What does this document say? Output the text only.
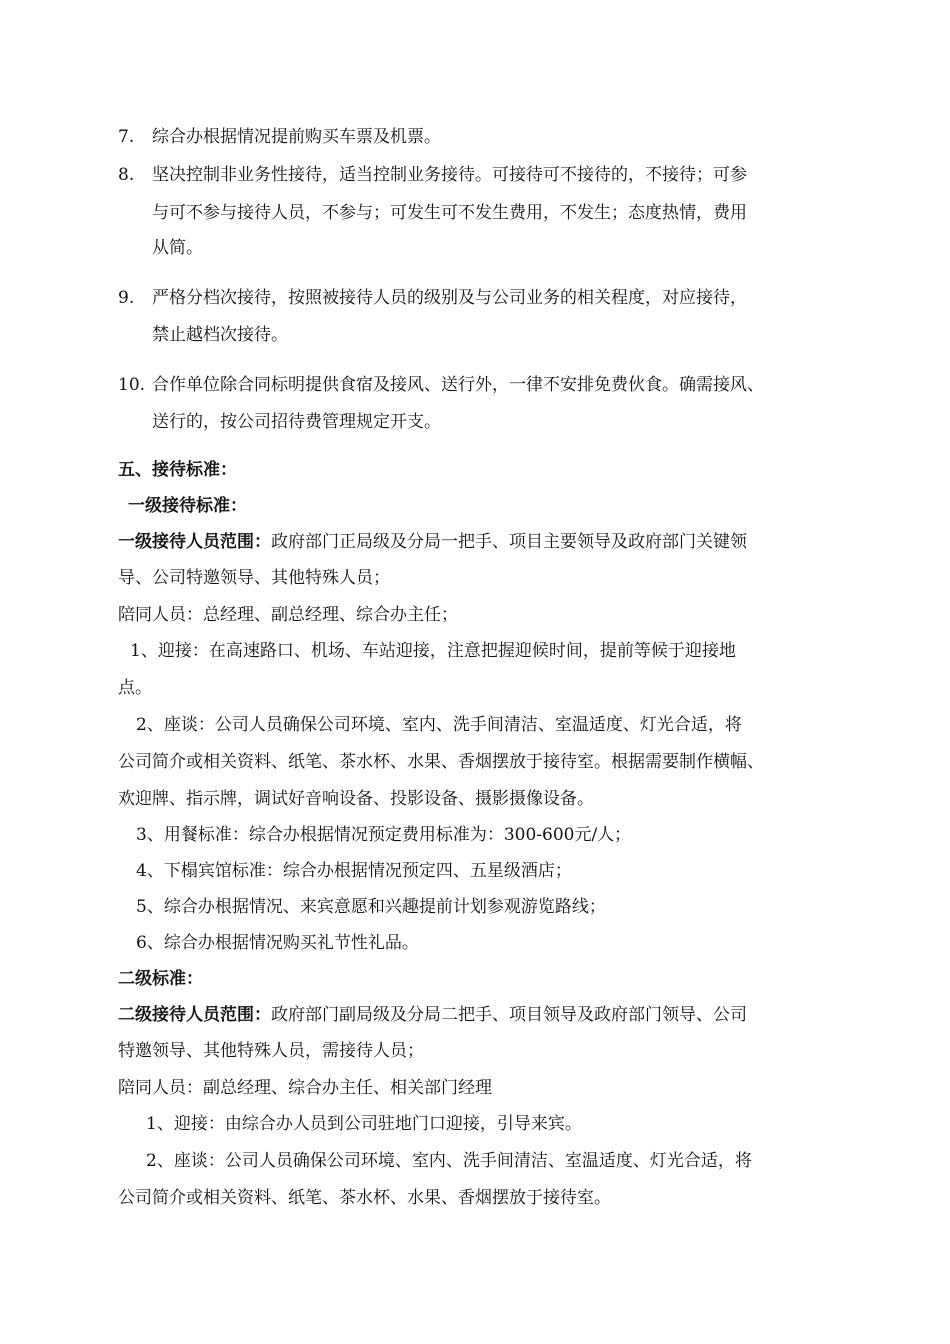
7. 综合办根据情况提前购买车票及机票。
8. 坚决控制非业务性接待，适当控制业务接待。可接待可不接待的，不接待；可参
与可不参与接待人员，不参与；可发生可不发生费用，不发生；态度热情，费用
从简。
9. 严格分档次接待，按照被接待人员的级别及与公司业务的相关程度，对应接待，
禁止越档次接待。
10. 合作单位除合同标明提供食宿及接风、送行外，一律不安排免费伙食。确需接风、
送行的，按公司招待费管理规定开支。
五、接待标准：
一级接待标准：
一级接待人员范围：政府部门正局级及分局一把手、项目主要领导及政府部门关键领
导、公司特邀领导、其他特殊人员；
陪同人员：总经理、副总经理、综合办主任；
1、迎接：在高速路口、机场、车站迎接，注意把握迎候时间，提前等候于迎接地
点。
2、座谈：公司人员确保公司环境、室内、洗手间清洁、室温适度、灯光合适，将
公司简介或相关资料、纸笔、茶水杯、水果、香烟摆放于接待室。根据需要制作横幅、
欢迎牌、指示牌，调试好音响设备、投影设备、摄影摄像设备。
3、用餐标准：综合办根据情况预定费用标准为：300-600元/人；
4、下榻宾馆标准：综合办根据情况预定四、五星级酒店；
5、综合办根据情况、来宾意愿和兴趣提前计划参观游览路线；
6、综合办根据情况购买礼节性礼品。
二级标准：
二级接待人员范围：政府部门副局级及分局二把手、项目领导及政府部门领导、公司
特邀领导、其他特殊人员，需接待人员；
陪同人员：副总经理、综合办主任、相关部门经理
1、迎接：由综合办人员到公司驻地门口迎接，引导来宾。
2、座谈：公司人员确保公司环境、室内、洗手间清洁、室温适度、灯光合适，将
公司简介或相关资料、纸笔、茶水杯、水果、香烟摆放于接待室。
